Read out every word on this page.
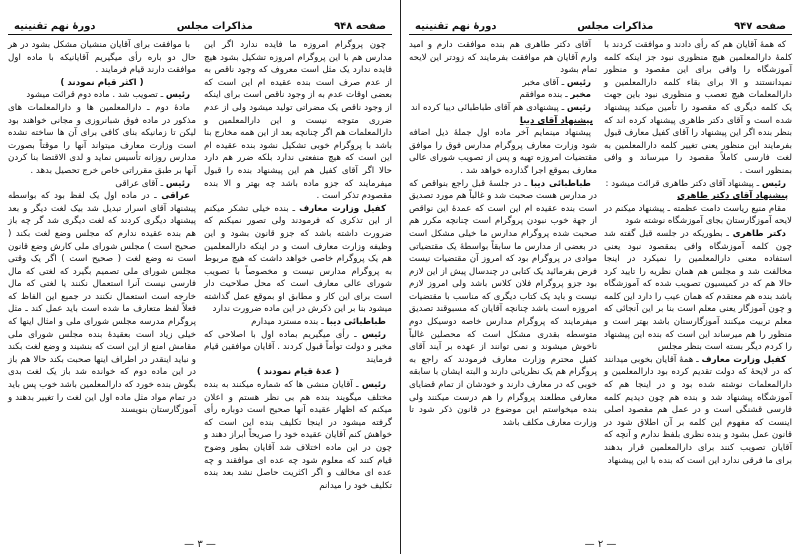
دورهٔ نهم تقنینیه	مذاکرات مجلس	صفحه ۹۴۷

که همهٔ آقایان هم که رأی دادند و موافقت کردند با کلمهٔ دارالمعلمین هیچ منظوری نبود جز اینکه کلمه آموزشگاه را وافی برای این مقصود و منظور نمیدانستند و الا برای بقاء کلمه دارالمعلمین و دارالمعلمات هیچ تعصب و منظوری نبود باین جهت یک کلمه دیگری که مقصود را تأمین میکند پیشنهاد شده است و آقای دکتر طاهری پیشنهاد کرده اند که بنظر بنده اگر این پیشنهاد را آقای کفیل معارف قبول بفرمایند این منظور یعنی تغییر کلمه دارالمعلمین به لغت فارسی کاملاً مقصود را میرساند و وافی بمنظور است .

رئیس ـ پیشنهاد آقای دکتر طاهری قرائت میشود :

پیشنهاد آقای دکتر طاهری

مقام منیع ریاست دامت عظمته ـ پیشنهاد میکنم در لایحه آموزگارستان بجای آموزشگاه نوشته شود

دکتر طاهری ـ بطوریکه در جلسه قبل گفته شد چون کلمه آموزشگاه وافی بمقصود نبود یعنی استفاده معنی دارالمعلمین را نمیکرد در اینجا مخالفت شد و مجلس هم همان نظریه را تایید کرد حالا هم که در کمیسیون تصویب شده که آموزشگاه باشد بنده هم معتقدم که همان عیب را دارد این کلمه و چون آموزگار یعنی معلم است بنا بر این آنجائی که معلم تربیت میکنند آموزگارستان باشد بهتر است و منظور را هم میرساند این است که بنده این پیشنهاد را کردم دیگر بسته است بنظر مجلس

کفیل وزارت معارف ـ همهٔ آقایان بخوبی میدانند که در لایحهٔ که دولت تقدیم کرده بود دارالمعلمین و دارالمعلمات نوشته شده بود و در اینجا هم که آموزشگاه پیشنهاد شد و بنده هم چون دیدیم کلمه فارسی قشنگی است و در عمل هم مقصود اصلی اینست که مفهوم این کلمه بر آن اطلاق شود در قانون عمل بشود و بنده نظری بلفظ ندارم و آنچه که آقایان تصویب کنند برای دارالمعلمین قرار بدهند برای ما فرقی ندارد این است که بنده با این پیشنهاد

آقای دکتر طاهری هم بنده موافقت دارم و امید وارم آقایان هم موافقت بفرمایند که زودتر این لایحه تمام بشود

رئیس ـ آقای مخبر

مخبر ـ بنده موافقم

رئیس ـ پیشنهادی هم آقای طباطبائی دیبا کرده اند

پیشنهاد آقای دیبا

پیشنهاد مینمایم آخر ماده اول جملهٔ ذیل اضافه شود وزارت معارف پروگرام مدارس فوق را موافق مقتضیات امروزه تهیه و پس از تصویب شورای عالی معارف بموقع اجرا گذارده خواهد شد .

طباطبائی دیبا ـ در جلسهٔ قبل راجع بنواقص که در مدارس هست صحبت شد و غالباً هم مورد تصدیق است بنده عقیده ام این است که عمدهٔ این نواقص از جهة خوب نبودن پروگرام است چنانچه مکرر هم صحبت شده پروگرام مدارس ما خیلی مشکل است در بعضی از مدارس ما سابقاً بواسطهٔ یک مقتضیاتی موادی در پروگرام بود که امروز آن مقتضیات نیست فرض بفرمائید یک کتابی در چندسال پیش از این لازم بود جزو پروگرام فلان کلاس باشد ولی امروز لازم نیست و باید یک کتاب دیگری که مناسب با مقتضیات امروزه است باشد چنانچه آقایان که مسبوقند تصدیق میفرمایند که پروگرام مدارس خاصه دوسیکل دوم متوسطه بقدری مشکل است که محصلین غالباً ناخوش میشوند و نمی توانند از عهده بر آیند آقای کفیل محترم وزارت معارف فرمودند که راجع به پروگرام هم یک نظریاتی دارند و البته ایشان با سابقه خوبی که در معارف دارند و خودشان از تمام قضایای معارفی مطلعند پروگرام را هم درست میکنند ولی بنده میخواستم این موضوع در قانون ذکر شود تا وزارت معارف مکلف باشد

— ۲ —
دورهٔ نهم تقنینیه	مذاکرات مجلس	صفحه ۹۴۸

چون پروگرام امروزه ما فایده ندارد اگر این مدارس هم با این پروگرام امروزه تشکیل بشود هیچ فایده ندارد یک مثل است معروف که وجود ناقص به از عدم صرف است بنده عقیده ام این است که بعضی اوقات عدم به از وجود ناقص است برای اینکه از وجود ناقص یک مضراتی تولید میشود ولی از عدم ضرری متوجه نیست و این دارالمعلمین و دارالمعلمات هم اگر چنانچه بعد از این همه مخارج بنا باشد با پروگرام خوبی تشکیل نشود بنده عقیده ام این است که هیچ منفعتی ندارد بلکه ضرر هم دارد حالا اگر آقای کفیل هم این پیشنهاد بنده را قبول میفرمایند که جزو ماده باشد چه بهتر و الا بنده مقصودم تذکر است .

کفیل وزارت معارف ـ بنده خیلی تشکر میکنم از این تذکری که فرمودند ولی تصور نمیکنم که ضرورت داشته باشد که جزو قانون بشود و این وظیفه وزارت معارف است و در اینکه دارالمعلمین هم یک پروگرام خاصی خواهد داشت که هیچ مربوط به پروگرام مدارس نیست و مخصوصاً با تصویب شورای عالی معارف است که محل صلاحیت دار است برای این کار و مطابق او بموقع عمل گذاشته میشود بنا بر این ذکرش در این ماده ضرورت ندارد

طباطبائی دیبا ـ بنده مسترد میدارم

رئیس ـ رأی میگیریم بماده اول با اصلاحی که مخبر و دولت توأماً قبول کردند . آقایان موافقین قیام فرمایند

( عدهٔ قیام نمودند )

رئیس ـ آقایان منشی ها که شماره میکنند به بنده مختلف میگویند بنده هم بی نظر هستم و اعلان میکنم که اظهار عقیده آنها صحیح است دوباره رأی گرفته میشود در اینجا تکلیف بنده این است که خواهش کنم آقایان عقیده خود را صریحاً ابراز دهند و چون در این ماده اختلاف شد آقایان بطور وضوح قیام کنند که معلوم شود چه عده ای موافقند و چه عده ای مخالف و اگر اکثریت حاصل نشد بعد بنده تکلیف خود را میدانم

با موافقت برای آقایان منشیان مشکل بشود در هر حال دو باره رأی میگیریم آقایانیکه با ماده اول موافقت دارند قیام فرمایند .

( اکثر قیام نمودند )

رئیس ـ تصویب شد . ماده دوم قرائت میشود

مادهٔ دوم ـ دارالمعلمین ها و دارالمعلمات های مذکور در ماده فوق شبانروزی و مجانی خواهند بود لیکن تا زمانیکه بنای کافی برای آن ها ساخته نشده است وزارت معارف میتواند آنها را موقتاً بصورت مدارس روزانه تأسیس نماید و لدی الاقتضا بنا کردن آنها بر طبق مقرراتی خاص خرج تحصیل بدهد .

رئیس ـ آقای عراقی

عراقی ـ در ماده اول یک لفظ بود که بواسطه پیشنهاد آقای اسرار تبدیل شد بیک لغت دیگر و بعد پیشنهاد دیگری کردند که لغت دیگری شد گر چه باز هم بنده عقیده ندارم که مجلس وضع لغت بکند ( صحیح است ) مجلس شورای ملی کارش وضع قانون است نه وضع لغت ( صحیح است ) اگر یک وقتی مجلس شورای ملی تصمیم بگیرد که لغتی که مال فارسی نیست آنرا استعمال نکنند یا لغتی که مال خارجه است استعمال نکنند در جمیع این الفاظ که فعلاً لفظ متعارف ما شده است باید عمل کند ـ مثل پروگرام مدرسه مجلس شورای ملی و امثال اینها که خیلی زیاد است بعقیدهٔ بنده مجلس شورای ملی مقامش امنع از این است که بنشیند و وضع لغت بکند و نباید اینقدر در اطراف اینها صحبت بکند حالا هم باز در این ماده دوم که خوانده شد باز یک لغت بدی بگوش بنده خورد که دارالمعلمین باشد خوب پس باید در تمام مواد مثل ماده اول این لغت را تغییر بدهند و آموزگارستان بنویسند

— ۳ —
